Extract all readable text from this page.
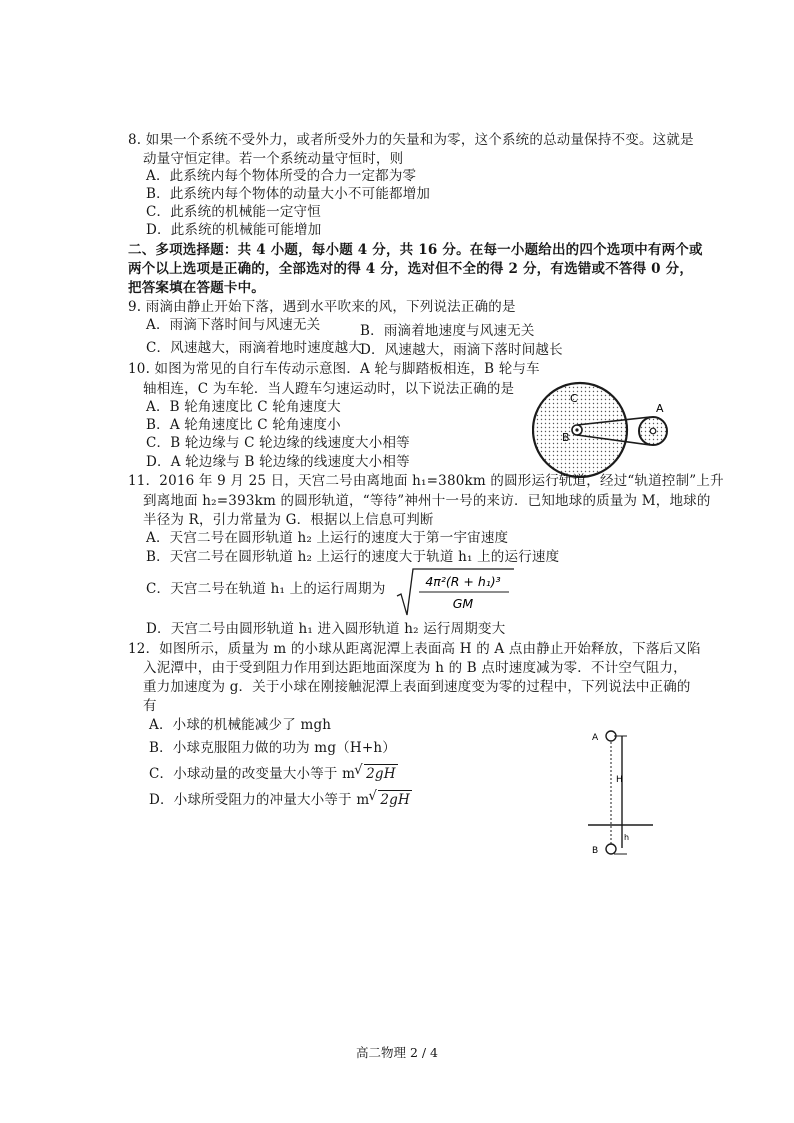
8. 如果一个系统不受外力，或者所受外力的矢量和为零，这个系统的总动量保持不变。这就是
动量守恒定律。若一个系统动量守恒时，则
A．此系统内每个物体所受的合力一定都为零
B．此系统内每个物体的动量大小不可能都增加
C．此系统的机械能一定守恒
D．此系统的机械能可能增加
二、多项选择题：共 4 小题，每小题 4 分，共 16 分。在每一小题给出的四个选项中有两个或
两个以上选项是正确的，全部选对的得 4 分，选对但不全的得 2 分，有选错或不答得 0 分，
把答案填在答题卡中。
9. 雨滴由静止开始下落，遇到水平吹来的风，下列说法正确的是
A．雨滴下落时间与风速无关	B．雨滴着地速度与风速无关
C．风速越大，雨滴着地时速度越大
D．风速越大，雨滴下落时间越长
10. 如图为常见的自行车传动示意图．A 轮与脚踏板相连，B 轮与车
轴相连，C 为车轮．当人蹬车匀速运动时，以下说法正确的是
A．B 轮角速度比 C 轮角速度大
B．A 轮角速度比 C 轮角速度小
C．B 轮边缘与 C 轮边缘的线速度大小相等
D．A 轮边缘与 B 轮边缘的线速度大小相等
C
B
A
11．2016 年 9 月 25 日，天宫二号由离地面 h₁=380km 的圆形运行轨道，经过“轨道控制”上升
到离地面 h₂=393km 的圆形轨道，“等待”神州十一号的来访．已知地球的质量为 M，地球的
半径为 R，引力常量为 G．根据以上信息可判断
A．天宫二号在圆形轨道 h₂ 上运行的速度大于第一宇宙速度
B．天宫二号在圆形轨道 h₂ 上运行的速度大于轨道 h₁ 上的运行速度
C．天宫二号在轨道 h₁ 上的运行周期为	4π²(R + h₁)³
GM
D．天宫二号由圆形轨道 h₁ 进入圆形轨道 h₂ 运行周期变大
12．如图所示，质量为 m 的小球从距离泥潭上表面高 H 的 A 点由静止开始释放，下落后又陷
入泥潭中，由于受到阻力作用到达距地面深度为 h 的 B 点时速度减为零．不计空气阻力，
重力加速度为 g．关于小球在刚接触泥潭上表面到速度变为零的过程中，下列说法中正确的
有
A．小球的机械能减少了 mgh
B．小球克服阻力做的功为 mg（H+h）
C．小球动量的改变量大小等于 m √ 2gH
D．小球所受阻力的冲量大小等于 m √ 2gH
A
H
h
B
高二物理 2 / 4
